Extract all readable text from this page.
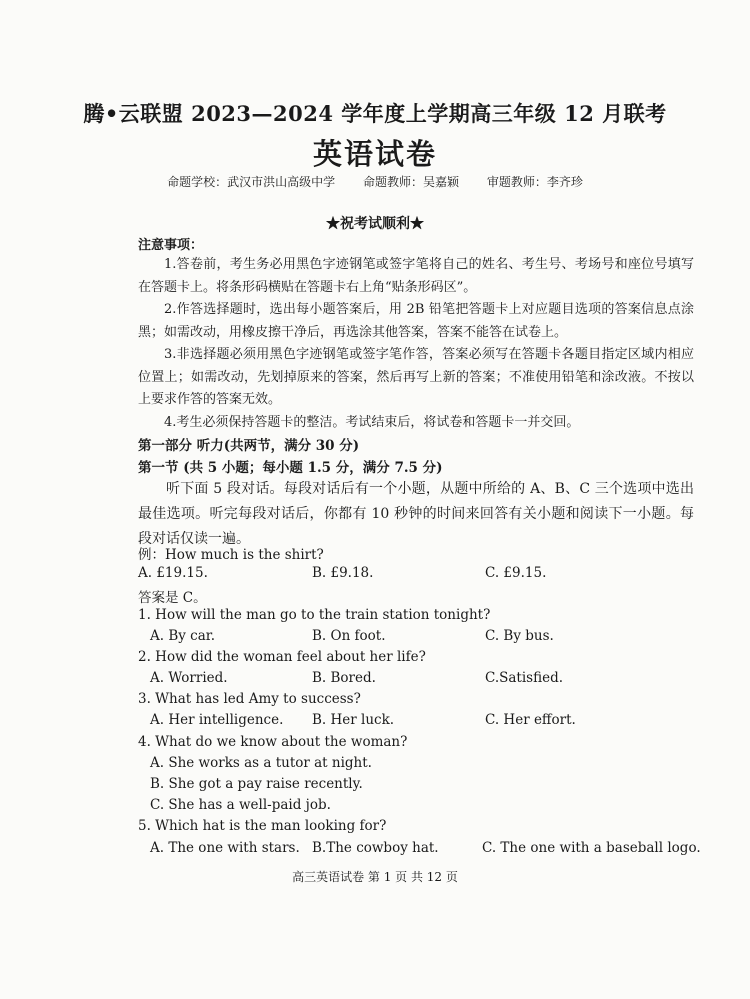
腾•云联盟 2023—2024 学年度上学期高三年级 12 月联考
英语试卷
命题学校：武汉市洪山高级中学 命题教师：吴嘉颖 审题教师：李齐珍
★祝考试顺利★
注意事项：

1.答卷前，考生务必用黑色字迹钢笔或签字笔将自己的姓名、考生号、考场号和座位号填写在答题卡上。将条形码横贴在答题卡右上角“贴条形码区”。

2.作答选择题时，选出每小题答案后，用 2B 铅笔把答题卡上对应题目选项的答案信息点涂黑；如需改动，用橡皮擦干净后，再选涂其他答案，答案不能答在试卷上。

3.非选择题必须用黑色字迹钢笔或签字笔作答，答案必须写在答题卡各题目指定区域内相应位置上；如需改动，先划掉原来的答案，然后再写上新的答案；不准使用铅笔和涂改液。不按以上要求作答的答案无效。

4.考生必须保持答题卡的整洁。考试结束后，将试卷和答题卡一并交回。

第一部分 听力(共两节，满分 30 分)
第一节 (共 5 小题；每小题 1.5 分，满分 7.5 分)

听下面 5 段对话。每段对话后有一个小题，从题中所给的 A、B、C 三个选项中选出最佳选项。听完每段对话后，你都有 10 秒钟的时间来回答有关小题和阅读下一小题。每段对话仅读一遍。

例：How much is the shirt?
A. £19.15.	B. £9.18.	C. £9.15.
答案是 C。
1. How will the man go to the train station tonight?
A. By car.	B. On foot.	C. By bus.
2. How did the woman feel about her life?
A. Worried.	B. Bored.	C.Satisfied.
3. What has led Amy to success?
A. Her intelligence. B. Her luck.	C. Her effort.
4. What do we know about the woman?
A. She works as a tutor at night.
B. She got a pay raise recently.
C. She has a well-paid job.
5. Which hat is the man looking for?
A. The one with stars. B.The cowboy hat.	C. The one with a baseball logo.
高三英语试卷 第 1 页 共 12 页
